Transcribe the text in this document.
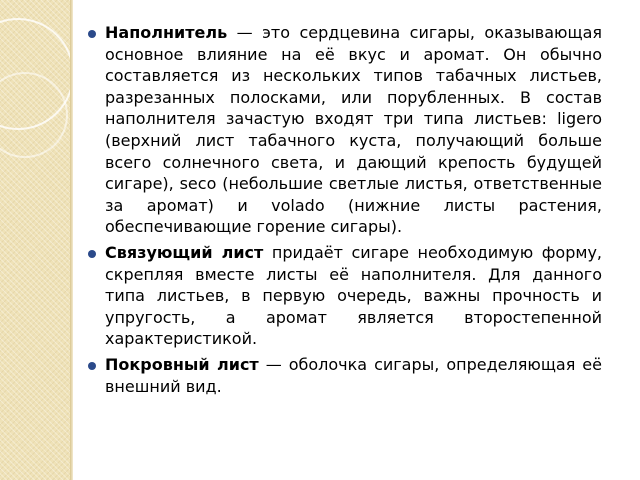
Наполнитель — это сердцевина сигары, оказывающая основное влияние на её вкус и аромат. Он обычно составляется из нескольких типов табачных листьев, разрезанных полосками, или порубленных. В состав наполнителя зачастую входят три типа листьев: ligero (верхний лист табачного куста, получающий больше всего солнечного света, и дающий крепость будущей сигаре), seco (небольшие светлые листья, ответственные за аромат) и volado (нижние листы растения, обеспечивающие горение сигары).
Связующий лист придаёт сигаре необходимую форму, скрепляя вместе листы её наполнителя. Для данного типа листьев, в первую очередь, важны прочность и упругость, а аромат является второстепенной характеристикой.
Покровный лист — оболочка сигары, определяющая её внешний вид.
